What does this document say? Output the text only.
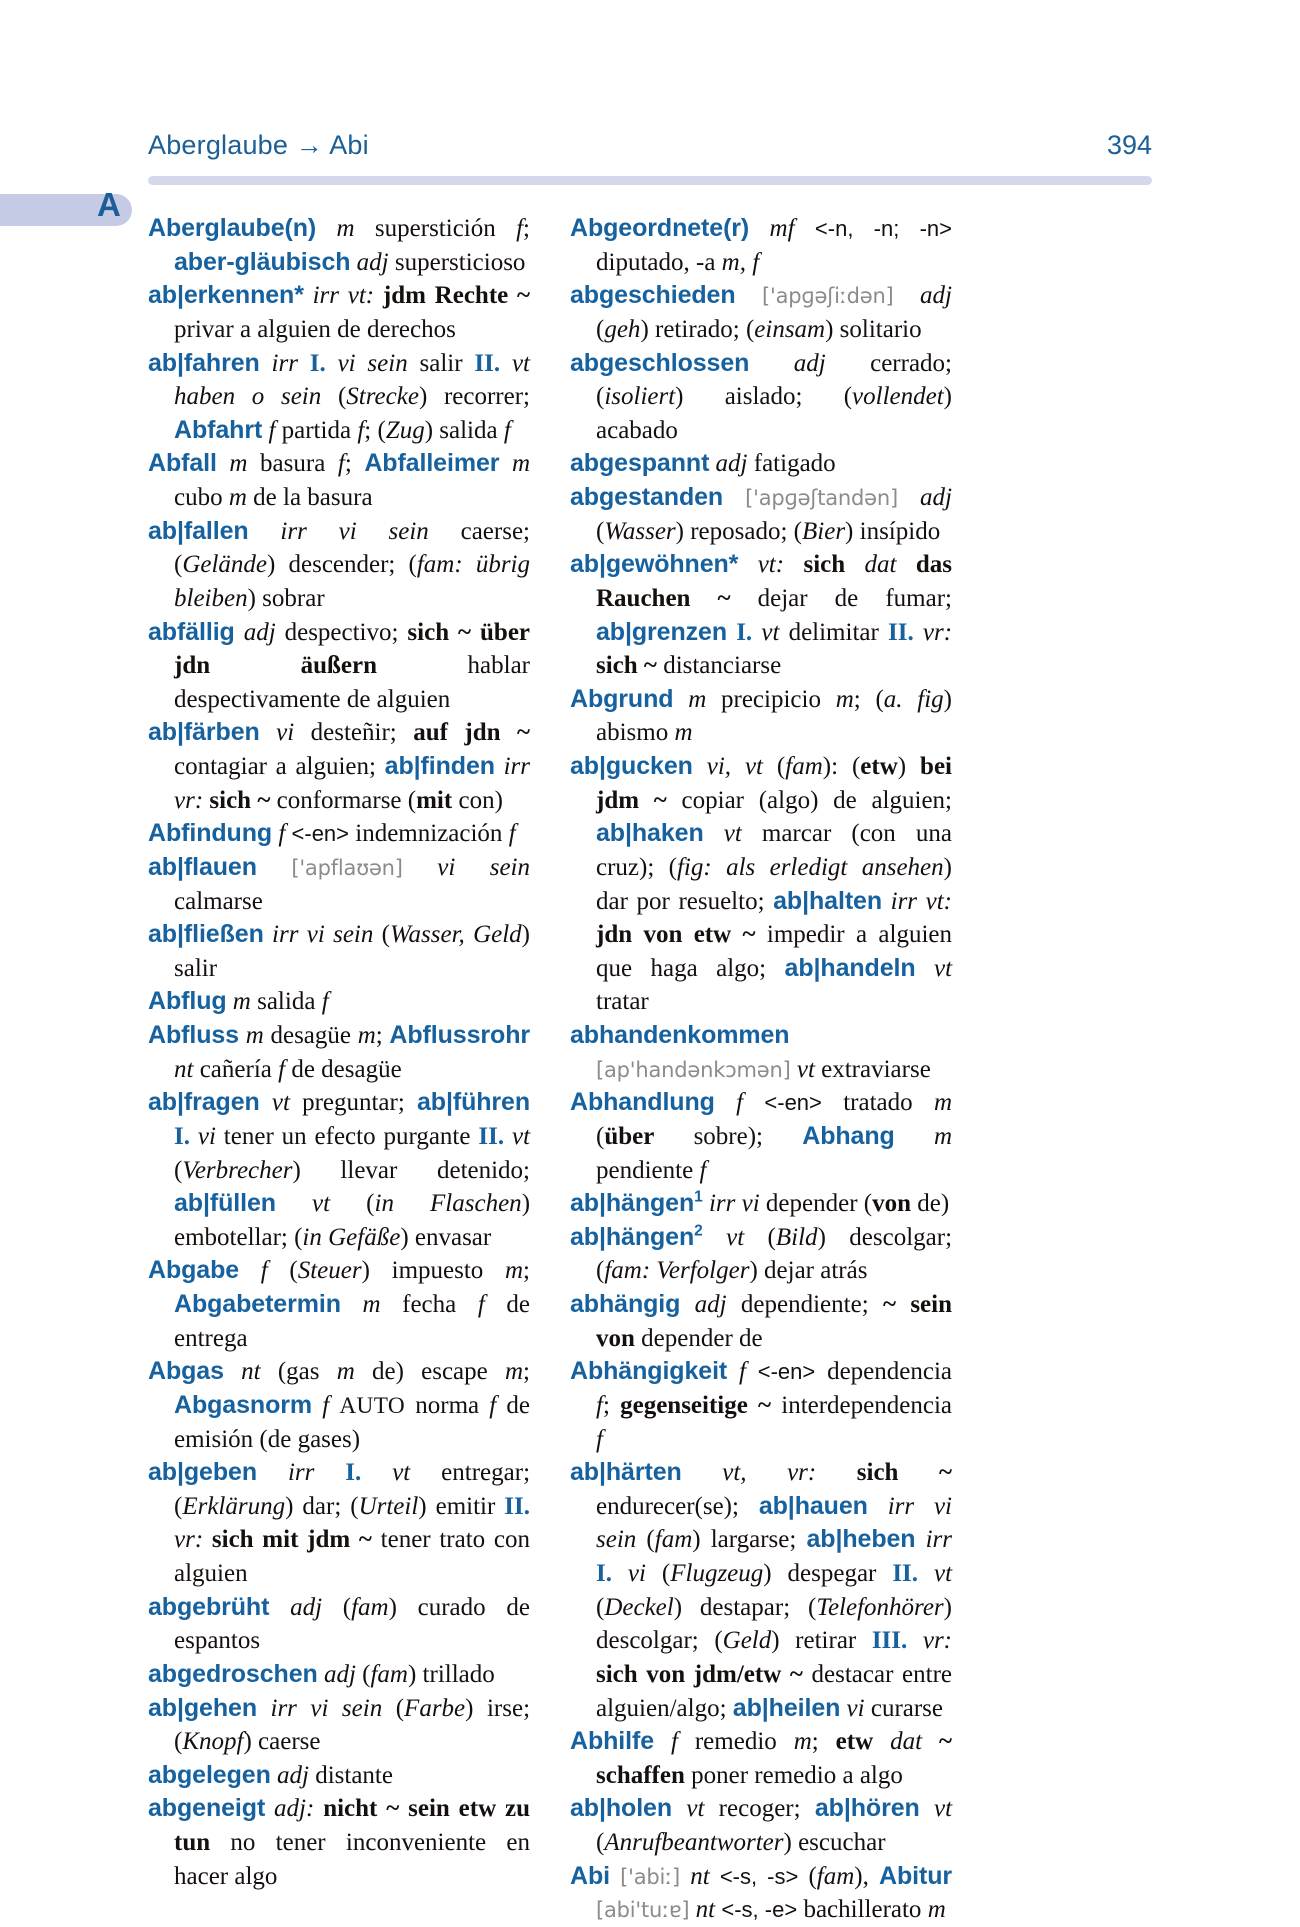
Aberglaube → Abi	394
A

Aberglaube(n) m superstición f; aber-gläubisch adj supersticioso

ab|erkennen* irr vt: jdm Rechte ~ privar a alguien de derechos

ab|fahren irr I. vi sein salir II. vt haben o sein (Strecke) recorrer; Abfahrt f partida f; (Zug) salida f

Abfall m basura f; Abfalleimer m cubo m de la basura

ab|fallen irr vi sein caerse; (Gelände) descender; (fam: übrig bleiben) sobrar

abfällig adj despectivo; sich ~ über jdn äußern hablar despectivamente de alguien

ab|färben vi desteñir; auf jdn ~ contagiar a alguien; ab|finden irr vr: sich ~ conformarse (mit con)

Abfindung f <-en> indemnización f

ab|flauen ['apflaʊən] vi sein calmarse

ab|fließen irr vi sein (Wasser, Geld) salir

Abflug m salida f

Abfluss m desagüe m; Abflussrohr nt cañería f de desagüe

ab|fragen vt preguntar; ab|führen I. vi tener un efecto purgante II. vt (Verbrecher) llevar detenido; ab|füllen vt (in Flaschen) embotellar; (in Gefäße) envasar

Abgabe f (Steuer) impuesto m; Abgabetermin m fecha f de entrega

Abgas nt (gas m de) escape m; Abgasnorm f AUTO norma f de emisión (de gases)

ab|geben irr I. vt entregar; (Erklärung) dar; (Urteil) emitir II. vr: sich mit jdm ~ tener trato con alguien

abgebrüht adj (fam) curado de espantos

abgedroschen adj (fam) trillado

ab|gehen irr vi sein (Farbe) irse; (Knopf) caerse

abgelegen adj distante

abgeneigt adj: nicht ~ sein etw zu tun no tener inconveniente en hacer algo

Abgeordnete(r) mf <-n, -n; -n> diputado, -a m, f

abgeschieden ['apɡəʃiːdən] adj (geh) retirado; (einsam) solitario

abgeschlossen adj cerrado; (isoliert) aislado; (vollendet) acabado

abgespannt adj fatigado

abgestanden ['apɡəʃtandən] adj (Wasser) reposado; (Bier) insípido

ab|gewöhnen* vt: sich dat das Rauchen ~ dejar de fumar; ab|grenzen I. vt delimitar II. vr: sich ~ distanciarse

Abgrund m precipicio m; (a. fig) abismo m

ab|gucken vi, vt (fam): (etw) bei jdm ~ copiar (algo) de alguien; ab|haken vt marcar (con una cruz); (fig: als erledigt ansehen) dar por resuelto; ab|halten irr vt: jdn von etw ~ impedir a alguien que haga algo; ab|handeln vt tratar

abhandenkommen [ap'handənkɔmən] vt extraviarse

Abhandlung f <-en> tratado m (über sobre); Abhang m pendiente f

ab|hängen$^1$ irr vi depender (von de)

ab|hängen$^2$ vt (Bild) descolgar; (fam: Verfolger) dejar atrás

abhängig adj dependiente; ~ sein von depender de

Abhängigkeit f <-en> dependencia f; gegenseitige ~ interdependencia f

ab|härten vt, vr: sich ~ endurecer(se); ab|hauen irr vi sein (fam) largarse; ab|heben irr I. vi (Flugzeug) despegar II. vt (Deckel) destapar; (Telefonhörer) descolgar; (Geld) retirar III. vr: sich von jdm/etw ~ destacar entre alguien/algo; ab|heilen vi curarse

Abhilfe f remedio m; etw dat ~ schaffen poner remedio a algo

ab|holen vt recoger; ab|hören vt (Anrufbeantworter) escuchar

Abi ['abiː] nt <-s, -s> (fam), Abitur [abi'tuːɐ] nt <-s, -e> bachillerato m
